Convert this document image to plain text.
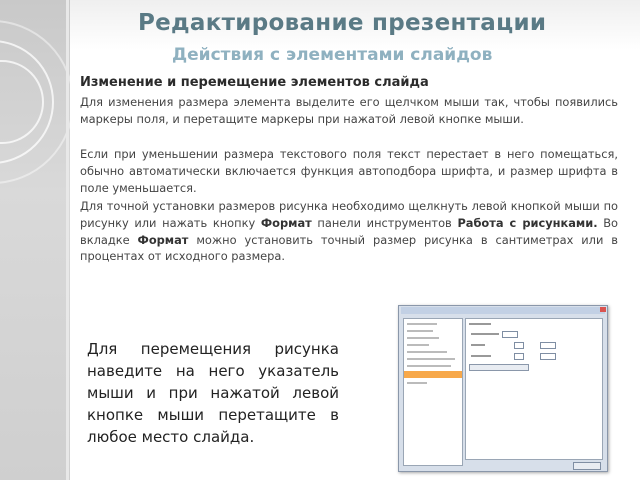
Редактирование презентации
Действия с элементами слайдов
Изменение и перемещение элементов слайда
Для изменения размера элемента выделите его щелчком мыши так, чтобы появились маркеры поля, и перетащите маркеры при нажатой левой кнопке мыши.
Если при уменьшении размера текстового поля текст перестает в него помещаться, обычно автоматически включается функция автоподбора шрифта, и размер шрифта в поле уменьшается.
Для точной установки размеров рисунка необходимо щелкнуть левой кнопкой мыши по рисунку или нажать кнопку Формат панели инструментов Работа с рисунками. Во вкладке Формат можно установить точный размер рисунка в сантиметрах или в процентах от исходного размера.
Для перемещения рисунка наведите на него указатель мыши и при нажатой левой кнопке мыши перетащите в любое место слайда.
